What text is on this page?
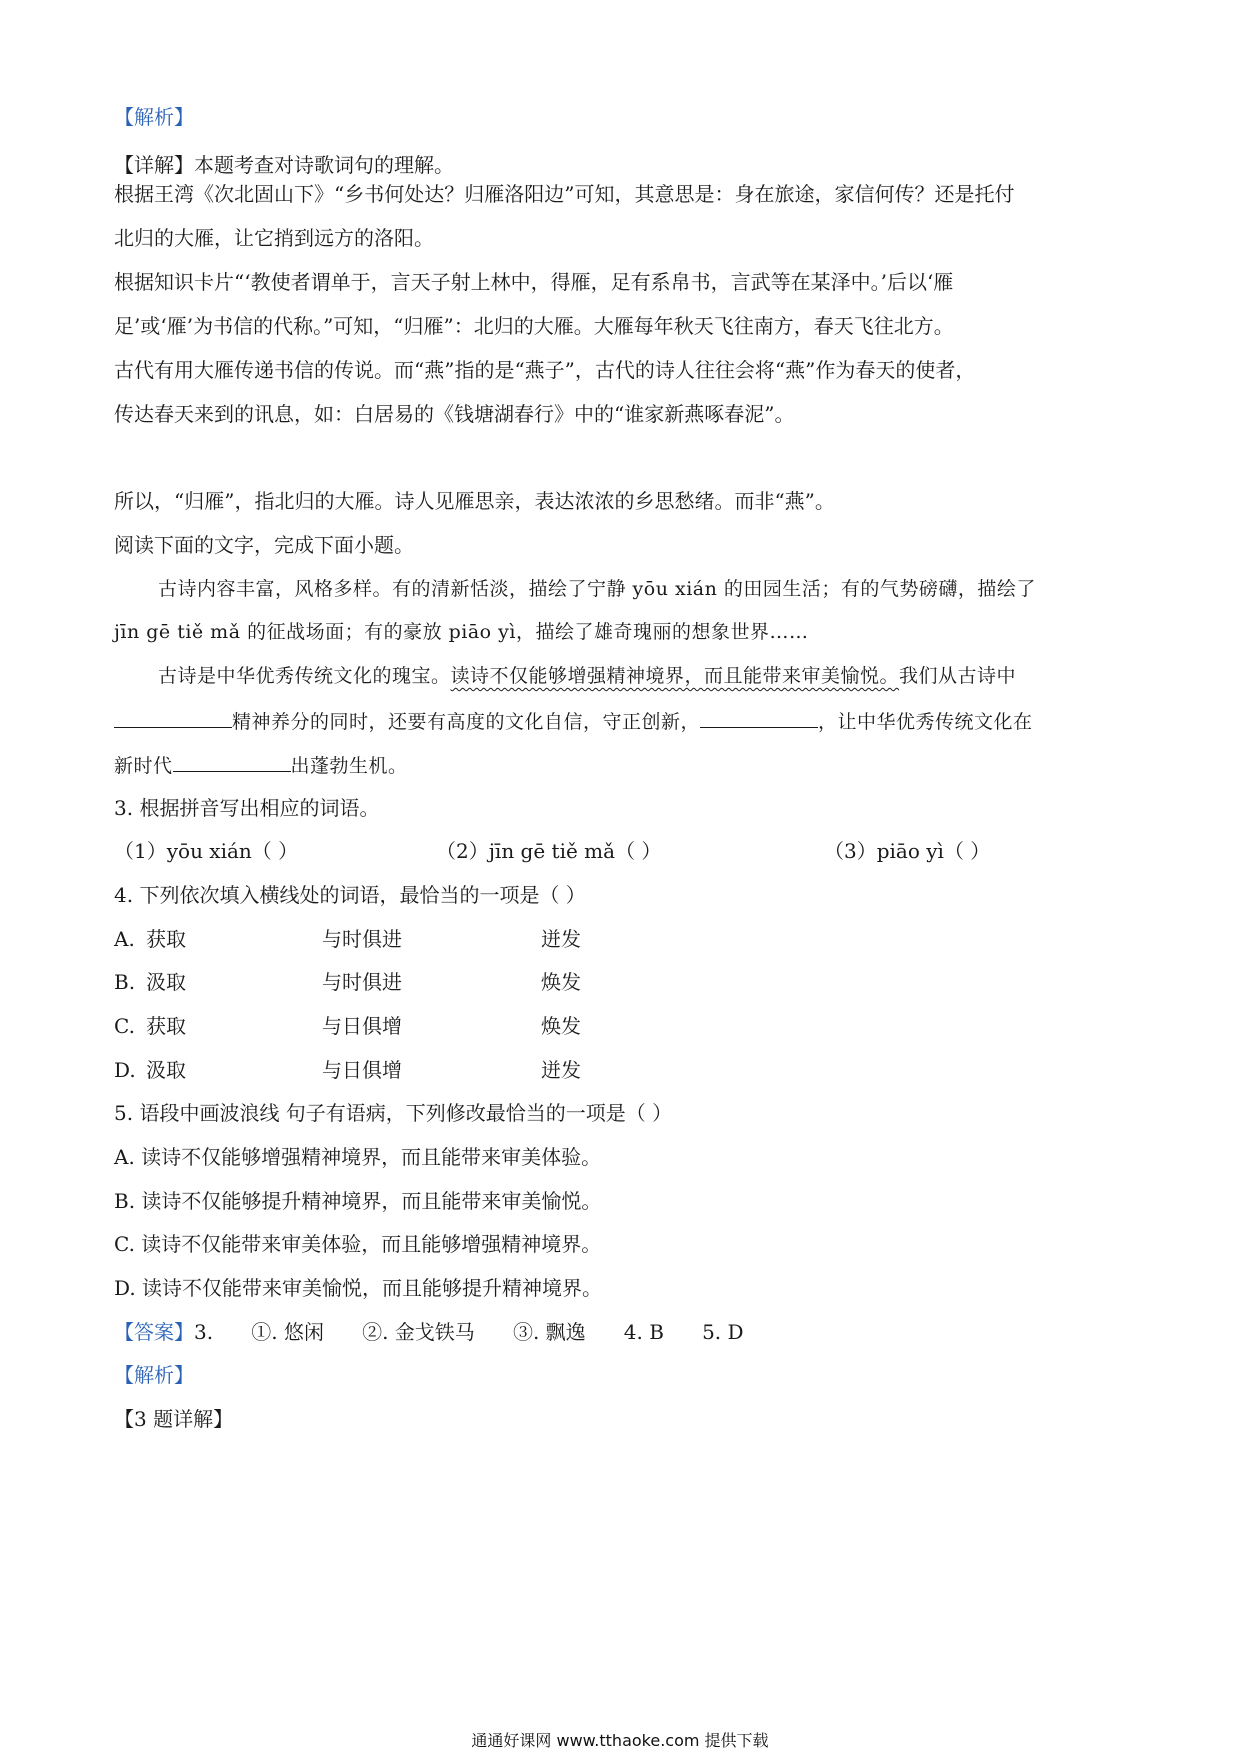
【解析】
【详解】本题考查对诗歌词句的理解。
根据王湾《次北固山下》“乡书何处达？归雁洛阳边”可知，其意思是：身在旅途，家信何传？还是托付
北归的大雁，让它捎到远方的洛阳。
根据知识卡片“‘教使者谓单于，言天子射上林中，得雁，足有系帛书，言武等在某泽中。’后以‘雁
足’或‘雁’为书信的代称。”可知，“归雁”：北归的大雁。大雁每年秋天飞往南方，春天飞往北方。
古代有用大雁传递书信的传说。而“燕”指的是“燕子”，古代的诗人往往会将“燕”作为春天的使者，
传达春天来到的讯息，如：白居易的《钱塘湖春行》中的“谁家新燕啄春泥”。
所以，“归雁”，指北归的大雁。诗人见雁思亲，表达浓浓的乡思愁绪。而非“燕”。
阅读下面的文字，完成下面小题。
古诗内容丰富，风格多样。有的清新恬淡，描绘了宁静 yōu xián 的田园生活；有的气势磅礴，描绘了
jīn gē tiě mǎ 的征战场面；有的豪放 piāo yì，描绘了雄奇瑰丽的想象世界……
古诗是中华优秀传统文化的瑰宝。读诗不仅能够增强精神境界，而且能带来审美愉悦。我们从古诗中
精神养分的同时，还要有高度的文化自信，守正创新，	，让中华优秀传统文化在
新时代	出蓬勃生机。
3. 根据拼音写出相应的词语。
（1）yōu xián（ ）	（2）jīn gē tiě mǎ（ ）	（3）piāo yì（ ）
4. 下列依次填入横线处的词语，最恰当的一项是（ ）
A. 获取	与时俱进	迸发
B. 汲取	与时俱进	焕发
C. 获取	与日俱增	焕发
D. 汲取	与日俱增	迸发
5. 语段中画波浪线 句子有语病，下列修改最恰当的一项是（ ）
A. 读诗不仅能够增强精神境界，而且能带来审美体验。
B. 读诗不仅能够提升精神境界，而且能带来审美愉悦。
C. 读诗不仅能带来审美体验，而且能够增强精神境界。
D. 读诗不仅能带来审美愉悦，而且能够提升精神境界。
【答案】3.      ①. 悠闲      ②. 金戈铁马      ③. 飘逸      4. B      5. D
【解析】
【3 题详解】
通通好课网 www.tthaoke.com 提供下载
